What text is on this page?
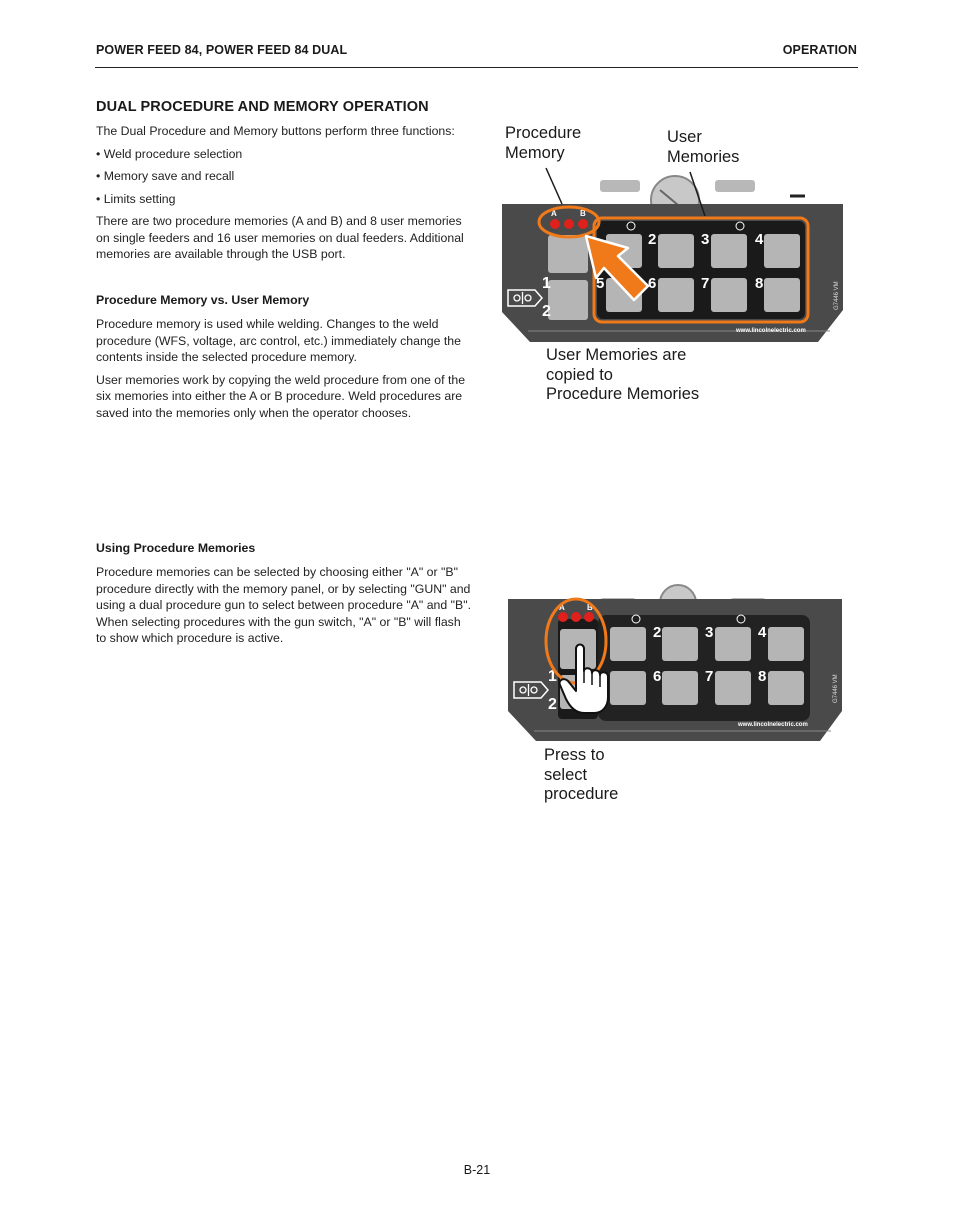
POWER FEED 84, POWER FEED 84 DUAL	OPERATION
DUAL PROCEDURE AND MEMORY OPERATION

The Dual Procedure and Memory buttons perform three functions:

• Weld procedure selection

• Memory save and recall

• Limits setting

There are two procedure memories (A and B) and 8 user memories on single feeders and 16 user memories on dual feeders. Additional memories are available through the USB port.

Procedure Memory vs. User Memory

Procedure memory is used while welding. Changes to the weld procedure (WFS, voltage, arc control, etc.) immediately change the contents inside the selected procedure memory.

User memories work by copying the weld procedure from one of the six memories into either the A or B procedure. Weld procedures are saved into the memories only when the operator chooses.

Using Procedure Memories

Procedure memories can be selected by choosing either "A" or "B" procedure directly with the memory panel, or by selecting "GUN" and using a dual procedure gun to select between procedure "A" and "B". When selecting procedures with the gun switch, "A" or "B" will flash to show which procedure is active.

Procedure
Memory
User
Memories
1
2
2	3	4
5	6	7	8
A	B
www.lincolnelectric.com
G7446 VM
User Memories are
copied to
Procedure Memories
2	3	4
6	7	8
1
2
A	B
www.lincolnelectric.com
G7446 VM
Press to
select
procedure
B-21
